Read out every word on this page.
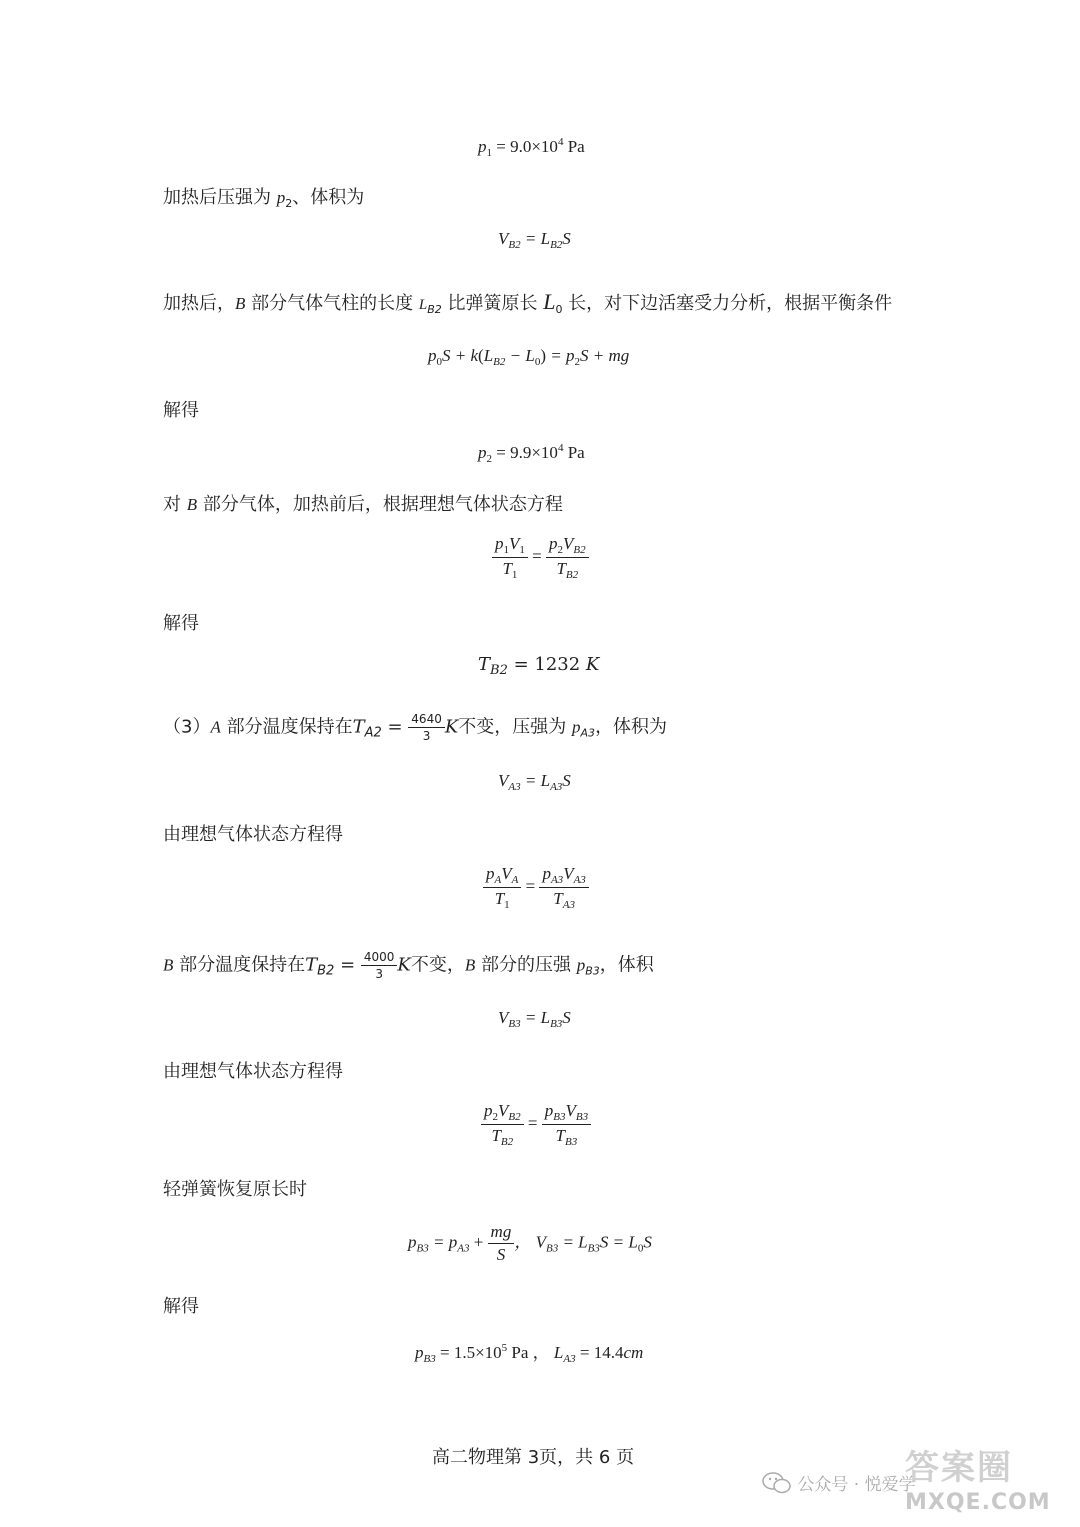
$p_1 = 9.0\times 10^4$ Pa
加热后压强为 $p_2$、体积为
$V_{B2} = L_{B2}S$
加热后，B 部分气体气柱的长度 $L_{B2}$ 比弹簧原长 $L_0$ 长，对下边活塞受力分析，根据平衡条件
$p_0S + k(L_{B2} - L_0) = p_2S$ + mg
解得
$p_2 = 9.9\times 10^4$ Pa
对 B 部分气体，加热前后，根据理想气体状态方程
$\frac{p_1V_1}{T_1} = \frac{p_2V_{B2}}{T_{B2}}$
解得
$T_{B2} = 1232$ K
（3）A 部分温度保持在$T_{A2} = \frac{4640}{3}$ K不变，压强为 $p_{A3}$，体积为
$V_{A3} = L_{A3}S$
由理想气体状态方程得
$\frac{p_AV_A}{T_1} = \frac{p_{A3}V_{A3}}{T_{A3}}$
B 部分温度保持在$T_{B2} = \frac{4000}{3}$ K不变，B 部分的压强 $p_{B3}$，体积
$V_{B3} = L_{B3}S$
由理想气体状态方程得
$\frac{p_2V_{B2}}{T_{B2}} = \frac{p_{B3}V_{B3}}{T_{B3}}$
轻弹簧恢复原长时
$p_{B3} = p_{A3} + \frac{mg}{S}$ ， $V_{B3} = L_{B3}S = L_0S$
解得
$p_{B3} = 1.5\times 10^5$ Pa ， $L_{A3} = 14.4cm$
高二物理第 3页，共 6 页
公众号 · 悦爱学
MXQE.COM
答案圈
